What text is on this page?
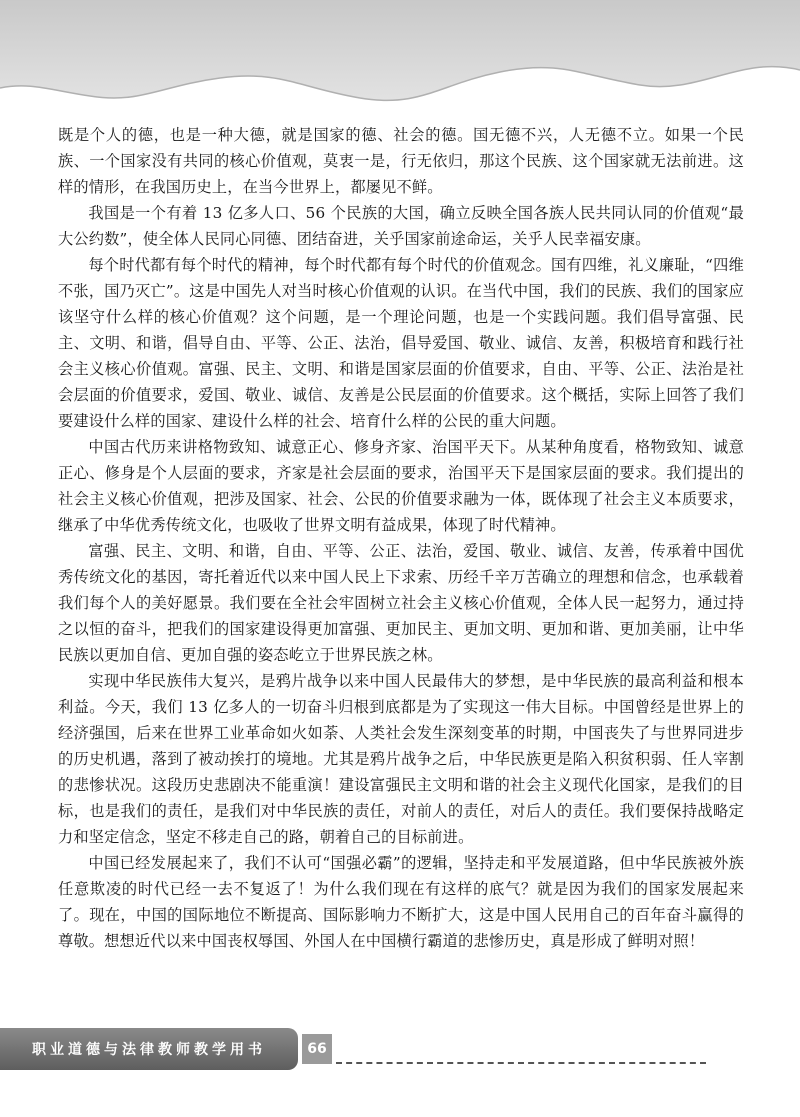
既是个人的德，也是一种大德，就是国家的德、社会的德。国无德不兴，人无德不立。如果一个民族、一个国家没有共同的核心价值观，莫衷一是，行无依归，那这个民族、这个国家就无法前进。这样的情形，在我国历史上，在当今世界上，都屡见不鲜。

我国是一个有着 13 亿多人口、56 个民族的大国，确立反映全国各族人民共同认同的价值观“最大公约数”，使全体人民同心同德、团结奋进，关乎国家前途命运，关乎人民幸福安康。

每个时代都有每个时代的精神，每个时代都有每个时代的价值观念。国有四维，礼义廉耻，“四维不张，国乃灭亡”。这是中国先人对当时核心价值观的认识。在当代中国，我们的民族、我们的国家应该坚守什么样的核心价值观？这个问题，是一个理论问题，也是一个实践问题。我们倡导富强、民主、文明、和谐，倡导自由、平等、公正、法治，倡导爱国、敬业、诚信、友善，积极培育和践行社会主义核心价值观。富强、民主、文明、和谐是国家层面的价值要求，自由、平等、公正、法治是社会层面的价值要求，爱国、敬业、诚信、友善是公民层面的价值要求。这个概括，实际上回答了我们要建设什么样的国家、建设什么样的社会、培育什么样的公民的重大问题。

中国古代历来讲格物致知、诚意正心、修身齐家、治国平天下。从某种角度看，格物致知、诚意正心、修身是个人层面的要求，齐家是社会层面的要求，治国平天下是国家层面的要求。我们提出的社会主义核心价值观，把涉及国家、社会、公民的价值要求融为一体，既体现了社会主义本质要求，继承了中华优秀传统文化，也吸收了世界文明有益成果，体现了时代精神。

富强、民主、文明、和谐，自由、平等、公正、法治，爱国、敬业、诚信、友善，传承着中国优秀传统文化的基因，寄托着近代以来中国人民上下求索、历经千辛万苦确立的理想和信念，也承载着我们每个人的美好愿景。我们要在全社会牢固树立社会主义核心价值观，全体人民一起努力，通过持之以恒的奋斗，把我们的国家建设得更加富强、更加民主、更加文明、更加和谐、更加美丽，让中华民族以更加自信、更加自强的姿态屹立于世界民族之林。

实现中华民族伟大复兴，是鸦片战争以来中国人民最伟大的梦想，是中华民族的最高利益和根本利益。今天，我们 13 亿多人的一切奋斗归根到底都是为了实现这一伟大目标。中国曾经是世界上的经济强国，后来在世界工业革命如火如荼、人类社会发生深刻变革的时期，中国丧失了与世界同进步的历史机遇，落到了被动挨打的境地。尤其是鸦片战争之后，中华民族更是陷入积贫积弱、任人宰割的悲惨状况。这段历史悲剧决不能重演！建设富强民主文明和谐的社会主义现代化国家，是我们的目标，也是我们的责任，是我们对中华民族的责任，对前人的责任，对后人的责任。我们要保持战略定力和坚定信念，坚定不移走自己的路，朝着自己的目标前进。

中国已经发展起来了，我们不认可“国强必霸”的逻辑，坚持走和平发展道路，但中华民族被外族任意欺凌的时代已经一去不复返了！为什么我们现在有这样的底气？就是因为我们的国家发展起来了。现在，中国的国际地位不断提高、国际影响力不断扩大，这是中国人民用自己的百年奋斗赢得的尊敬。想想近代以来中国丧权辱国、外国人在中国横行霸道的悲惨历史，真是形成了鲜明对照！

职业道德与法律教师教学用书	66
